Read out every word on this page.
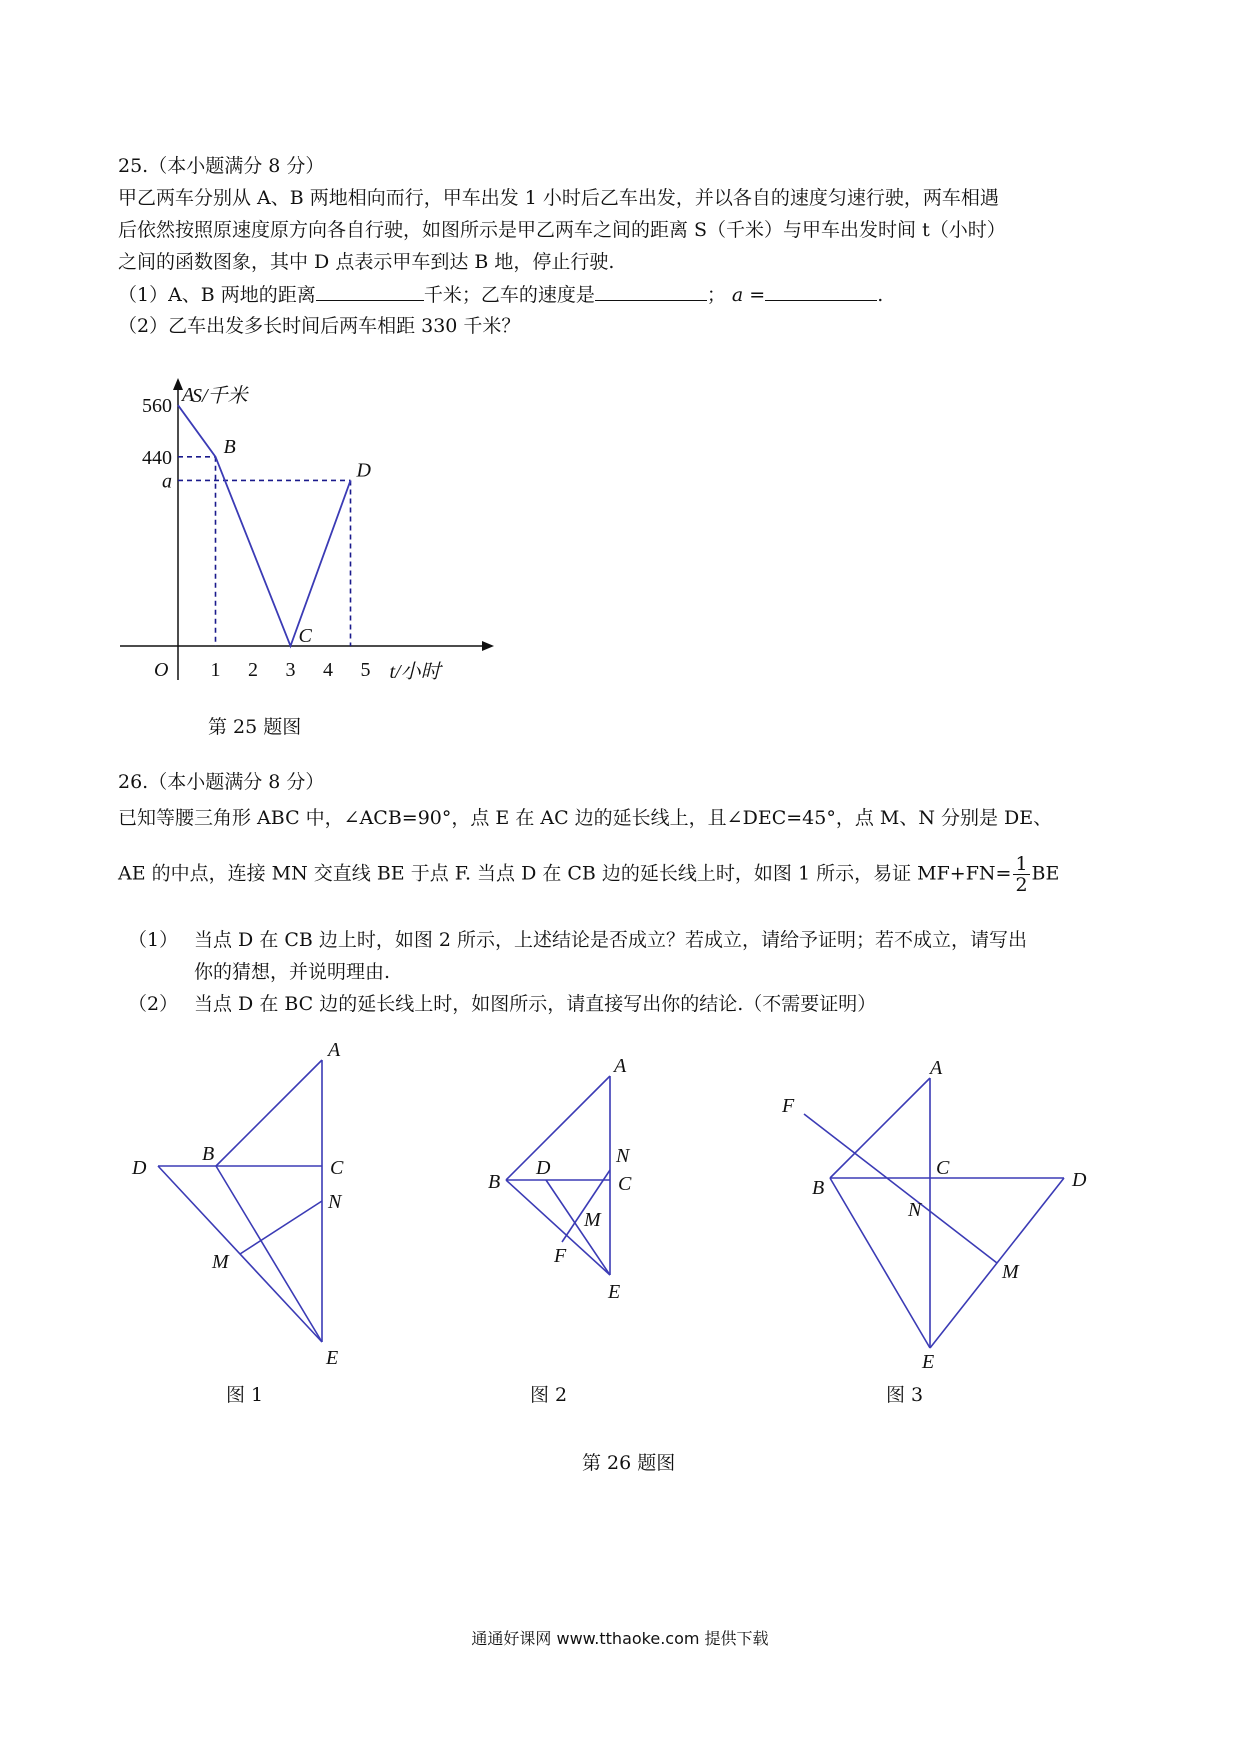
25.（本小题满分 8 分）
甲乙两车分别从 A、B 两地相向而行，甲车出发 1 小时后乙车出发，并以各自的速度匀速行驶，两车相遇
后依然按照原速度原方向各自行驶，如图所示是甲乙两车之间的距离 S（千米）与甲车出发时间 t（小时）
之间的函数图象，其中 D 点表示甲车到达 B 地，停止行驶.
（1）A、B 两地的距离	千米；乙车的速度是	； a =	.
（2）乙车出发多长时间后两车相距 330 千米？
A
B
C
D
560
440
a
1 2 3 4 5
O
S/千米
t/小时
第 25 题图
26.（本小题满分 8 分）
已知等腰三角形 ABC 中，∠ACB=90°，点 E 在 AC 边的延长线上，且∠DEC=45°，点 M、N 分别是 DE、
AE 的中点，连接 MN 交直线 BE 于点 F. 当点 D 在 CB 边的延长线上时，如图 1 所示，易证 $MF+FN= \frac{1}{2}$ BE
（1） 当点 D 在 CB 边上时，如图 2 所示，上述结论是否成立？若成立，请给予证明；若不成立，请写出
你的猜想，并说明理由.
（2） 当点 D 在 BC 边的延长线上时，如图所示，请直接写出你的结论.（不需要证明）
A
B
C
D
N
M
E
图 1
A
B
D
N
C
M
F
E
图 2
A
F
B
C
D
N
M
E
图 3
第 26 题图
通通好课网 www.tthaoke.com 提供下载
